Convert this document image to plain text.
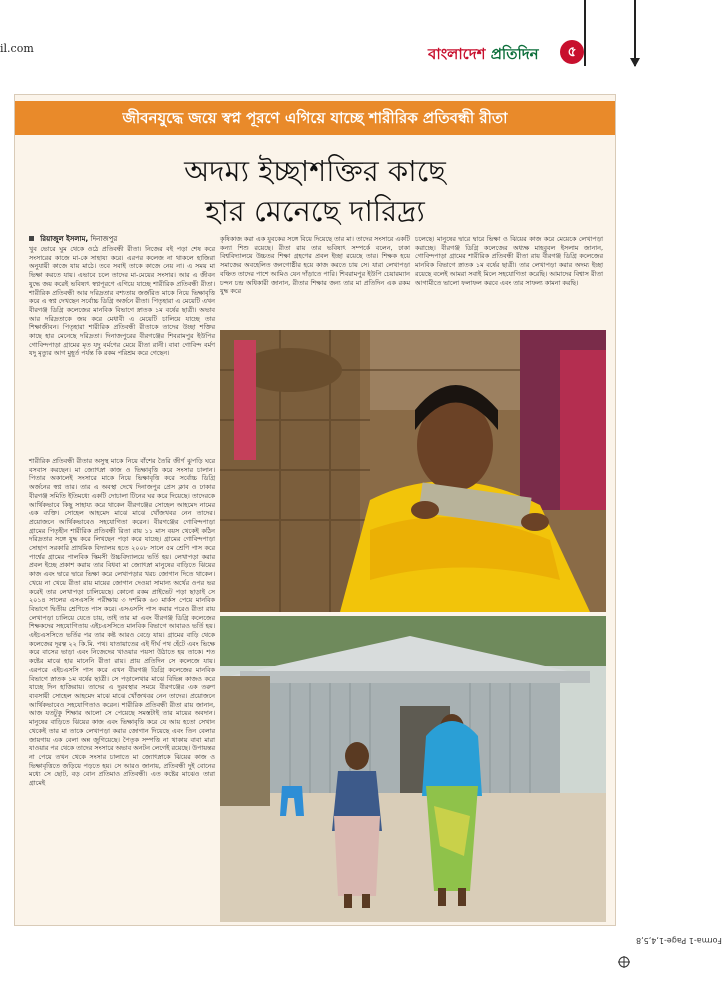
il.com	বাংলাদেশ প্রতিদিন	৫
জীবনযুদ্ধে জয়ে স্বপ্ন পূরণে এগিয়ে যাচ্ছে শারীরিক প্রতিবন্ধী রীতা
অদম্য ইচ্ছাশক্তির কাছে
হার মেনেছে দারিদ্র্য
রিয়াজুল ইসলাম, দিনাজপুর

খুব ভোরে ঘুম থেকে ওঠে প্রতিবন্ধী রীতা। নিজের বই পড়া শেষ করে সংসারের কাজে মা-কে সাহায্য করে। এরপর কলেজ না থাকলে হাজিরা অনুযায়ী কাজে যায় মাঠে। তবে সবাই তাকে কাজে নেয় না। এ সময় মা ভিক্ষা করতে যায়। এভাবে চলে তাদের মা-মেয়ের সংসার। আর এ জীবন যুদ্ধে জয় করেই ভবিষ্যৎ স্বপ্নপূরণে এগিয়ে যাচ্ছে শারীরিক প্রতিবন্ধী রীতা। শারীরিক প্রতিবন্ধী আর দরিদ্রতার বশ্যতায় জর্জরিত মাকে নিয়ে ভিক্ষাবৃত্তি করে এ স্বপ্ন দেখছেন সর্বোচ্চ ডিগ্রি অর্জনে রীতা। পিতৃহারা এ মেয়েটি এখন বীরগঞ্জ ডিগ্রি কলেজের মানবিক বিভাগে স্নাতক ১ম বর্ষের ছাত্রী। অভাব আর দরিদ্রতাকে জয় করে মেধাবী এ মেয়েটি চালিয়ে যাচ্ছে তার শিক্ষাজীবন। পিতৃহারা শারীরিক প্রতিবন্ধী রীতাকে তাদের উচ্ছা শক্তির কাছে হার মেনেছে দরিদ্রতা। দিনাজপুরের বীরগঞ্জের শিবরামপুর ইউপির গোবিন্দপাড়া গ্রামের মৃত যদু বর্মণের মেয়ে রীতা রানী। বাবা গোবিন্দ বর্মণ যদু মৃত্যুর আগ মুহূর্ত পর্যন্ত কি রকম পরিশ্রম করে গেছেন।

শারীরিক প্রতিবন্ধী রীতার অসুস্থ মাকে নিয়ে বাঁশের তৈরি জীর্ণ ঝুপড়ি ঘরে বসবাস করছেন। মা জ্যোৎস্না কাজ ও ভিক্ষাবৃত্তি করে সংসার চালান। পিতার অকালেই সংসারে মাকে নিয়ে ভিক্ষাবৃত্তি করে সর্বোচ্চ ডিগ্রি অর্জনের স্বপ্ন তার। তার এ অবস্থা দেখে দিনাজপুর প্রেস ক্লাব ও ঢাকার বীরগঞ্জ সমিতি ইতিমধ্যে একটি দোচালা টিনের ঘর করে দিয়েছে। তাদেরকে আর্থিকভাবে কিছু সাহায্য করে থাকেন বীরগঞ্জের সোহেল আহমেদ নামের এক ব্যক্তি। সোহেল আহমেদ মাঝে মাঝে খোঁজখবর নেন তাদের। প্রয়োজনে আর্থিকভাবেও সহযোগিতা করেন। বীরগঞ্জের গোবিন্দপাড়া গ্রামের পিতৃহীন শারীরিক প্রতিবন্ধী রিতা রায় ১১ মাস বয়স থেকেই কঠিন দরিদ্রতার সঙ্গে যুদ্ধ করে লিখছেন পড়া করে যাচ্ছে। গ্রামের গোবিন্দপাড়া সোহাগ সরকারি প্রাথমিক বিদ্যালয় হতে ২০০৮ সালে ৫ম শ্রেণি পাস করে পার্শ্বের গ্রামের পালবিক স্কিমসী উচ্চবিদ্যালয়ে ভর্তি হয়। লেখাপড়া করার প্রবল ইচ্ছে প্রকাশ করায় তার বিধবা মা জ্যোৎস্না মানুষের বাড়িতে ঝিয়ের কাজ এবং দ্বারে দ্বারে ভিক্ষা করে লেখাপড়ার খরচ জোগান দিতে থাকেন। খেয়ে না খেয়ে রীতা রায় মায়ের জোগান দেওয়া সামান্য অর্থের ওপর ভর করেই তার লেখাপড়া চালিয়েছে। কোনো রকম প্রাইভেট পড়া ছাড়াই সে ২০১৪ সালের এসএসসি পরীক্ষায় ৩ দশমিক ৬৩ মার্কস পেয়ে মানবিক বিভাগে দ্বিতীয় শ্রেণিতে পাস করে। এসএসসি পাস করার পরেও রীতা রায় লেখাপড়া চালিয়ে যেতে চায়, তাই তার মা এবং বীরগঞ্জ ডিগ্রি কলেজের শিক্ষকদের সহযোগিতায় এইচএসসিতে মানবিক বিভাগে আবারও ভর্তি হয়। এইচএসসিতে ভর্তির পর তার কষ্ট আরও বেড়ে যায়। গ্রামের বাড়ি থেকে কলেজের দূরত্ব ২২ কি.মি. পথ। যাতায়াতের এই দীর্ঘ পথ হেঁটে এবং ভিক্ষে করে বাসের ভাড়া এবং নিজেদের খাওয়ার পয়সা উঠাতে হয় তাকে। শত কষ্টের মাঝে হার মানেনি রীতা রায়। প্রায় প্রতিদিন সে কলেজে যায়। এরপরে এইচএসসি পাস করে এখন বীরগঞ্জ ডিগ্রি কলেজের মানবিক বিভাগে স্নাতক ১ম বর্ষের ছাত্রী। সে পড়ালেখার মাঝে বিভিন্ন কাজও করে যাচ্ছে দিন হাজিরায়। তাদের এ দুরবস্থার সময়ে বীরগঞ্জের এক তরুণ ব্যবসায়ী সোহেল আহমেদ মাঝে মাঝে খোঁজখবর নেন তাদের। প্রয়োজনে আর্থিকভাবেও সহযোগিতাও করেন। শারীরিক প্রতিবন্ধী রীতা রায় জানান, আজ যতটুকু শিক্ষার আলো সে পেয়েছে সমস্তটাই তার মায়ের অবদান। মানুষের বাড়িতে ঝিয়ের কাজ এবং ভিক্ষাবৃত্তি করে যে আয় হতো সেখান থেকেই তার মা তাকে লেখাপড়া করার জোগান দিয়েছে এবং তিন বেলার জায়গায় এক বেলা অন্ন জুগিয়েছে। পৈতৃক সম্পত্তি না থাকায় বাবা মারা যাওয়ার পর থেকে তাদের সংসারে অভাব অনটন লেগেই রয়েছে। উপায়ন্তর না পেয়ে তখন থেকে সংসার চালাতে মা জ্যোৎস্নাকে ঝিয়ের কাজ ও ভিক্ষাবৃত্তিতে জড়িয়ে পড়তে হয়। সে আরও জানায়, প্রতিবন্ধী দুই বোনের মধ্যে সে ছোট, বড় বোন প্রতিমাও প্রতিবন্ধী। এত কষ্টের মাঝেও তারা গ্রামেই

কৃষিকাজ করা এক যুবকের সঙ্গে বিয়ে দিয়েছে তার মা। তাদের সংসারে একটি কন্যা শিশু রয়েছে। রীতা রায় তার ভবিষ্যৎ সম্পর্কে বলেন, ঢাকা বিশ্ববিদ্যালয়ে উচ্চতর শিক্ষা গ্রহণের প্রবল ইচ্ছা রয়েছে তার। শিক্ষক হয়ে সমাজের অবহেলিত জনগোষ্ঠীর হয়ে কাজ করতে চায় সে। যারা লেখাপড়া বঞ্চিত তাদের পাশে আমিও যেন দাঁড়াতে পারি। শিবরামপুর ইউপি চেয়ারম্যান চন্দন চন্দ্র অধিকারী জানান, রীতার শিক্ষার জন্য তার মা প্রতিদিন এক রকম যুদ্ধ করে

চলেছে। মানুষের দ্বারে দ্বারে ভিক্ষা ও ঝিয়ের কাজ করে মেয়েকে লেখাপড়া করাচ্ছে। বীরগঞ্জ ডিগ্রি কলেজের অধ্যক্ষ মাহবুবল ইসলাম জানান, গোবিন্দপাড়া গ্রামের শারীরিক প্রতিবন্ধী রীতা রায় বীরগঞ্জ ডিগ্রি কলেজের মানবিক বিভাগে স্নাতক ১ম বর্ষের ছাত্রী। তার লেখাপড়া করার অদম্য ইচ্ছা রয়েছে বলেই আমরা সবাই মিলে সহযোগিতা করেছি। আমাদের বিশ্বাস রীতা আগামীতে ভালো ফলাফল করবে এবং তার সাফল্য কামনা করছি।

Forma-1 Page-1,4,5,8
